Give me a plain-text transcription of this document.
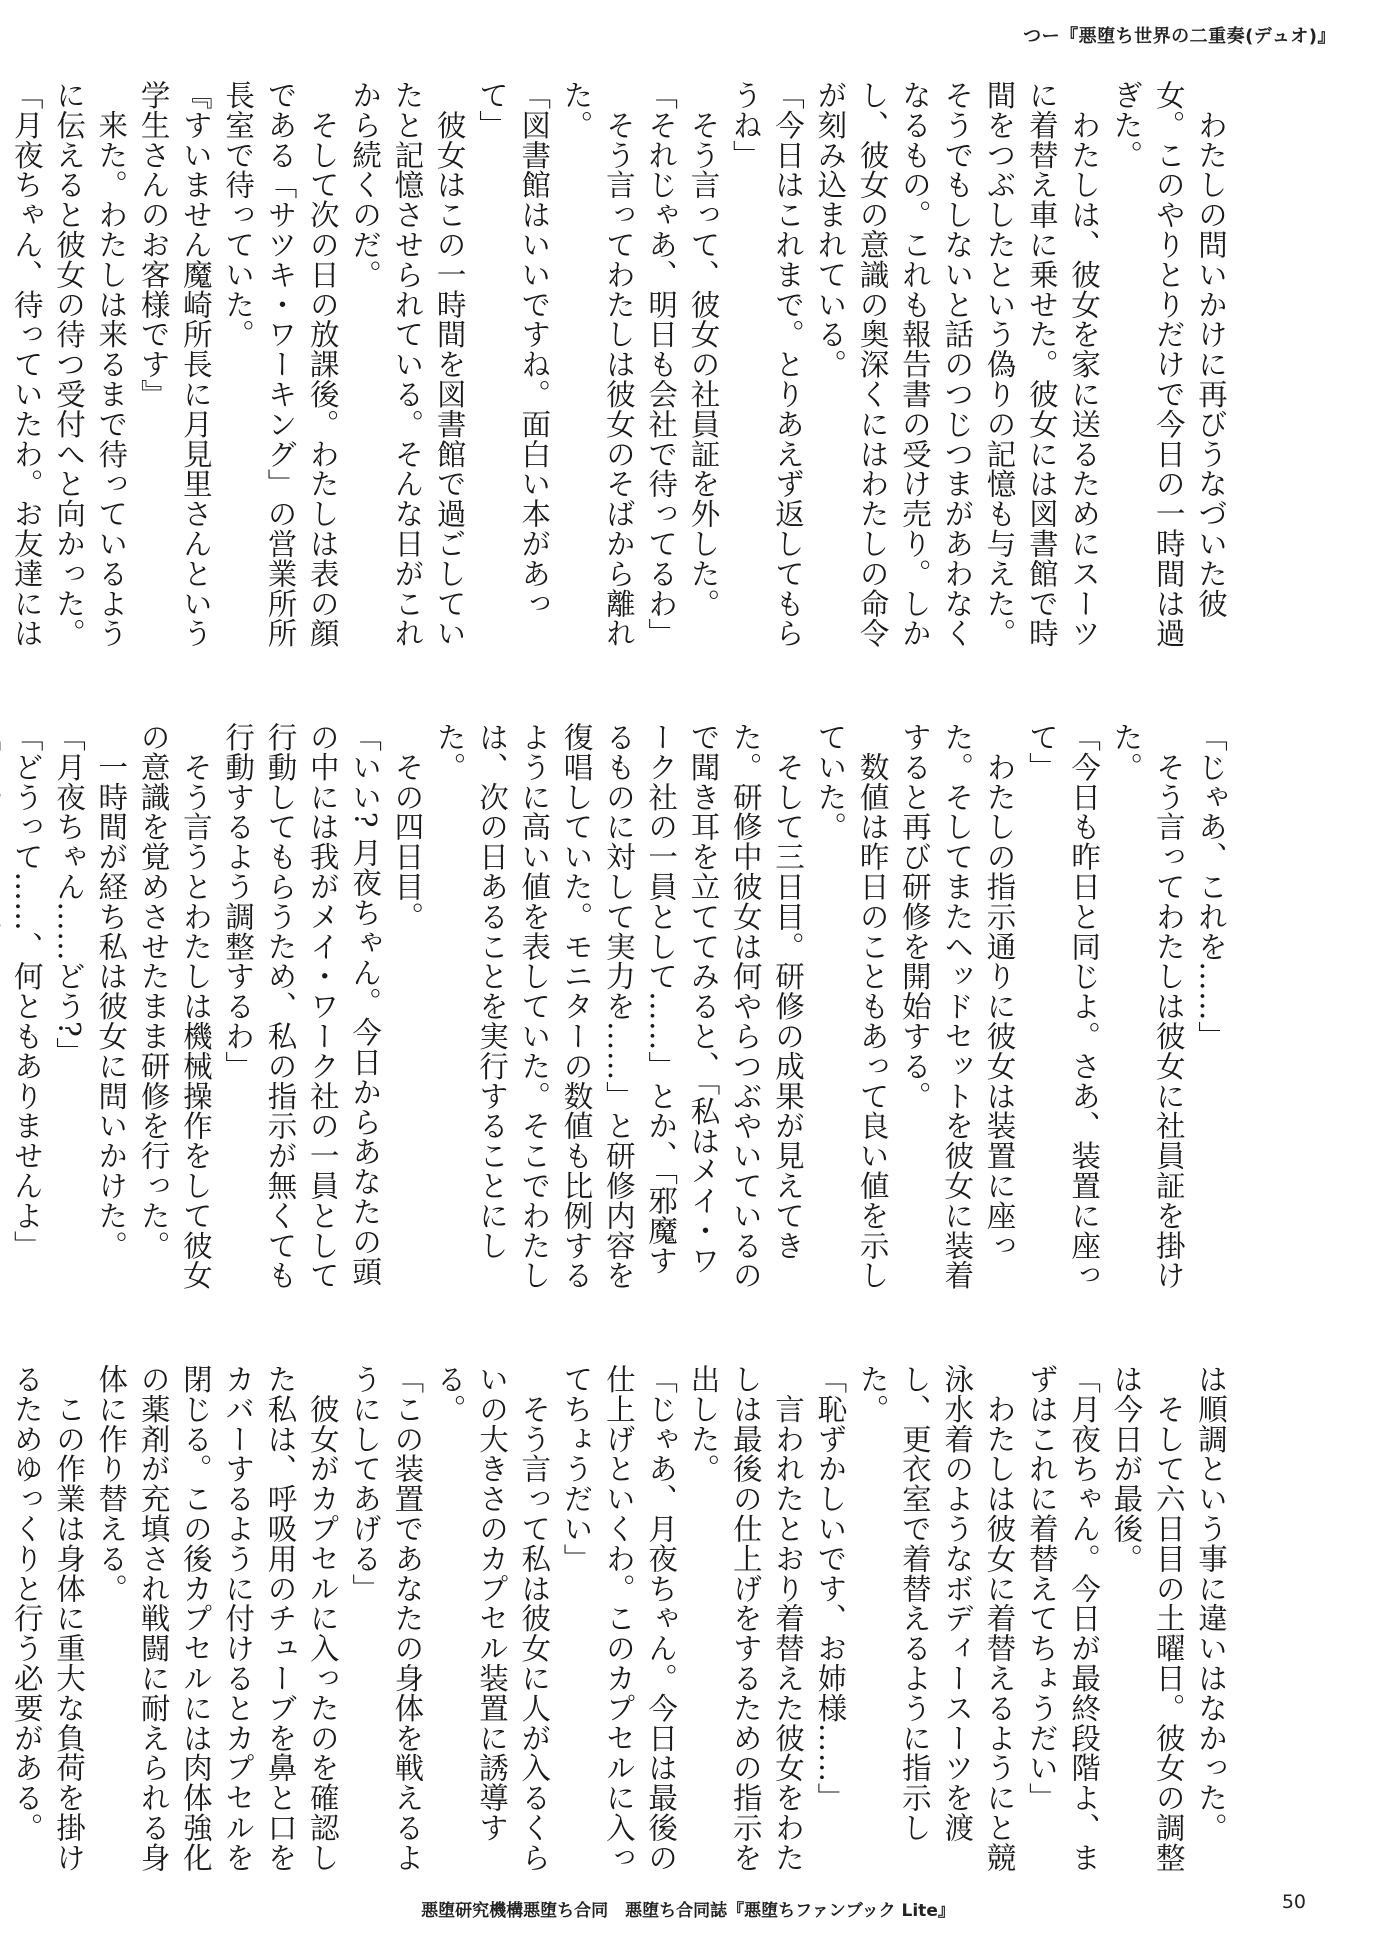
つー『悪堕ち世界の二重奏(デュオ)』

　わたしの問いかけに再びうなづいた彼女。このやりとりだけで今日の一時間は過ぎた。

　わたしは、彼女を家に送るためにスーツに着替え車に乗せた。彼女には図書館で時間をつぶしたという偽りの記憶も与えた。そうでもしないと話のつじつまがあわなくなるもの。これも報告書の受け売り。しかし、彼女の意識の奥深くにはわたしの命令が刻み込まれている。

「今日はこれまで。とりあえず返してもらうね」

　そう言って、彼女の社員証を外した。

「それじゃあ、明日も会社で待ってるわ」

　そう言ってわたしは彼女のそばから離れた。

「図書館はいいですね。面白い本があって」

　彼女はこの一時間を図書館で過ごしていたと記憶させられている。そんな日がこれから続くのだ。

　そして次の日の放課後。わたしは表の顔である「サツキ・ワーキング」の営業所所長室で待っていた。

『すいません魔崎所長に月見里さんという学生さんのお客様です』

　来た。わたしは来るまで待っているように伝えると彼女の待つ受付へと向かった。

「月夜ちゃん、待っていたわ。お友達には

「じゃあ、これを……」

　そう言ってわたしは彼女に社員証を掛けた。

「今日も昨日と同じよ。さあ、装置に座って」

　わたしの指示通りに彼女は装置に座った。そしてまたヘッドセットを彼女に装着すると再び研修を開始する。

　数値は昨日のこともあって良い値を示していた。

　そして三日目。研修の成果が見えてきた。研修中彼女は何やらつぶやいているので聞き耳を立ててみると、「私はメイ・ワーク社の一員として……」とか、「邪魔するものに対して実力を……」と研修内容を復唱していた。モニターの数値も比例するように高い値を表していた。そこでわたしは、次の日あることを実行することにした。

　その四日目。

「いい? 月夜ちゃん。今日からあなたの頭の中には我がメイ・ワーク社の一員として行動してもらうため、私の指示が無くても行動するよう調整するわ」

　そう言うとわたしは機械操作をして彼女の意識を覚めさせたまま研修を行った。

　一時間が経ち私は彼女に問いかけた。

「月夜ちゃん……どう?」

「どうって……、何ともありませんよ」

は順調という事に違いはなかった。

　そして六日目の土曜日。彼女の調整は今日が最後。

「月夜ちゃん。今日が最終段階よ、まずはこれに着替えてちょうだい」

　わたしは彼女に着替えるようにと競泳水着のようなボディースーツを渡し、更衣室で着替えるように指示した。

「恥ずかしいです、お姉様……」

　言われたとおり着替えた彼女をわたしは最後の仕上げをするための指示を出した。

「じゃあ、月夜ちゃん。今日は最後の仕上げといくわ。このカプセルに入ってちょうだい」

　そう言って私は彼女に人が入るくらいの大きさのカプセル装置に誘導する。

「この装置であなたの身体を戦えるようにしてあげる」

　彼女がカプセルに入ったのを確認した私は、呼吸用のチューブを鼻と口をカバーするように付けるとカプセルを閉じる。この後カプセルには肉体強化の薬剤が充填され戦闘に耐えられる身体に作り替える。

　この作業は身体に重大な負荷を掛けるためゆっくりと行う必要がある。

悪堕研究機構悪堕ち合同　悪堕ち合同誌『悪堕ちファンブック Lite』	50
